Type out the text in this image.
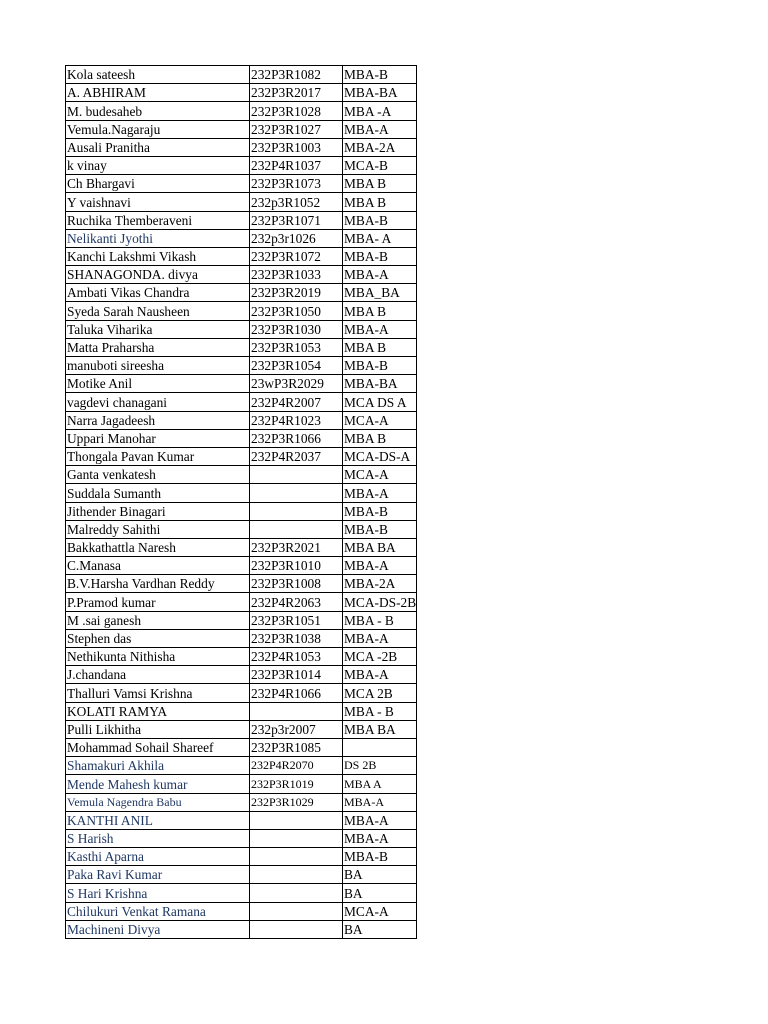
Kola sateesh	232P3R1082	MBA-B
A. ABHIRAM	232P3R2017	MBA-BA
M. budesaheb	232P3R1028	MBA -A
Vemula.Nagaraju	232P3R1027	MBA-A
Ausali Pranitha	232P3R1003	MBA-2A
k vinay	232P4R1037	MCA-B
Ch Bhargavi	232P3R1073	MBA B
Y vaishnavi	232p3R1052	MBA B
Ruchika Themberaveni	232P3R1071	MBA-B
Nelikanti Jyothi	232p3r1026	MBA- A
Kanchi Lakshmi Vikash	232P3R1072	MBA-B
SHANAGONDA. divya	232P3R1033	MBA-A
Ambati Vikas Chandra	232P3R2019	MBA_BA
Syeda Sarah Nausheen	232P3R1050	MBA B
Taluka Viharika	232P3R1030	MBA-A
Matta Praharsha	232P3R1053	MBA B
manuboti sireesha	232P3R1054	MBA-B
Motike Anil	23wP3R2029	MBA-BA
vagdevi chanagani	232P4R2007	MCA DS A
Narra Jagadeesh	232P4R1023	MCA-A
Uppari Manohar	232P3R1066	MBA B
Thongala Pavan Kumar	232P4R2037	MCA-DS-A
Ganta venkatesh		MCA-A
Suddala Sumanth		MBA-A
Jithender Binagari		MBA-B
Malreddy Sahithi		MBA-B
Bakkathattla Naresh	232P3R2021	MBA BA
C.Manasa	232P3R1010	MBA-A
B.V.Harsha Vardhan Reddy	232P3R1008	MBA-2A
P.Pramod kumar	232P4R2063	MCA-DS-2B
M .sai ganesh	232P3R1051	MBA - B
Stephen das	232P3R1038	MBA-A
Nethikunta Nithisha	232P4R1053	MCA -2B
J.chandana	232P3R1014	MBA-A
Thalluri Vamsi Krishna	232P4R1066	MCA 2B
KOLATI RAMYA		MBA - B
Pulli Likhitha	232p3r2007	MBA BA
Mohammad Sohail Shareef	232P3R1085	
Shamakuri Akhila	232P4R2070	DS 2B
Mende Mahesh kumar	232P3R1019	MBA A
Vemula Nagendra Babu	232P3R1029	MBA-A
KANTHI ANIL		MBA-A
S Harish		MBA-A
Kasthi Aparna		MBA-B
Paka Ravi Kumar		BA
S Hari Krishna		BA
Chilukuri Venkat Ramana		MCA-A
Machineni Divya		BA
